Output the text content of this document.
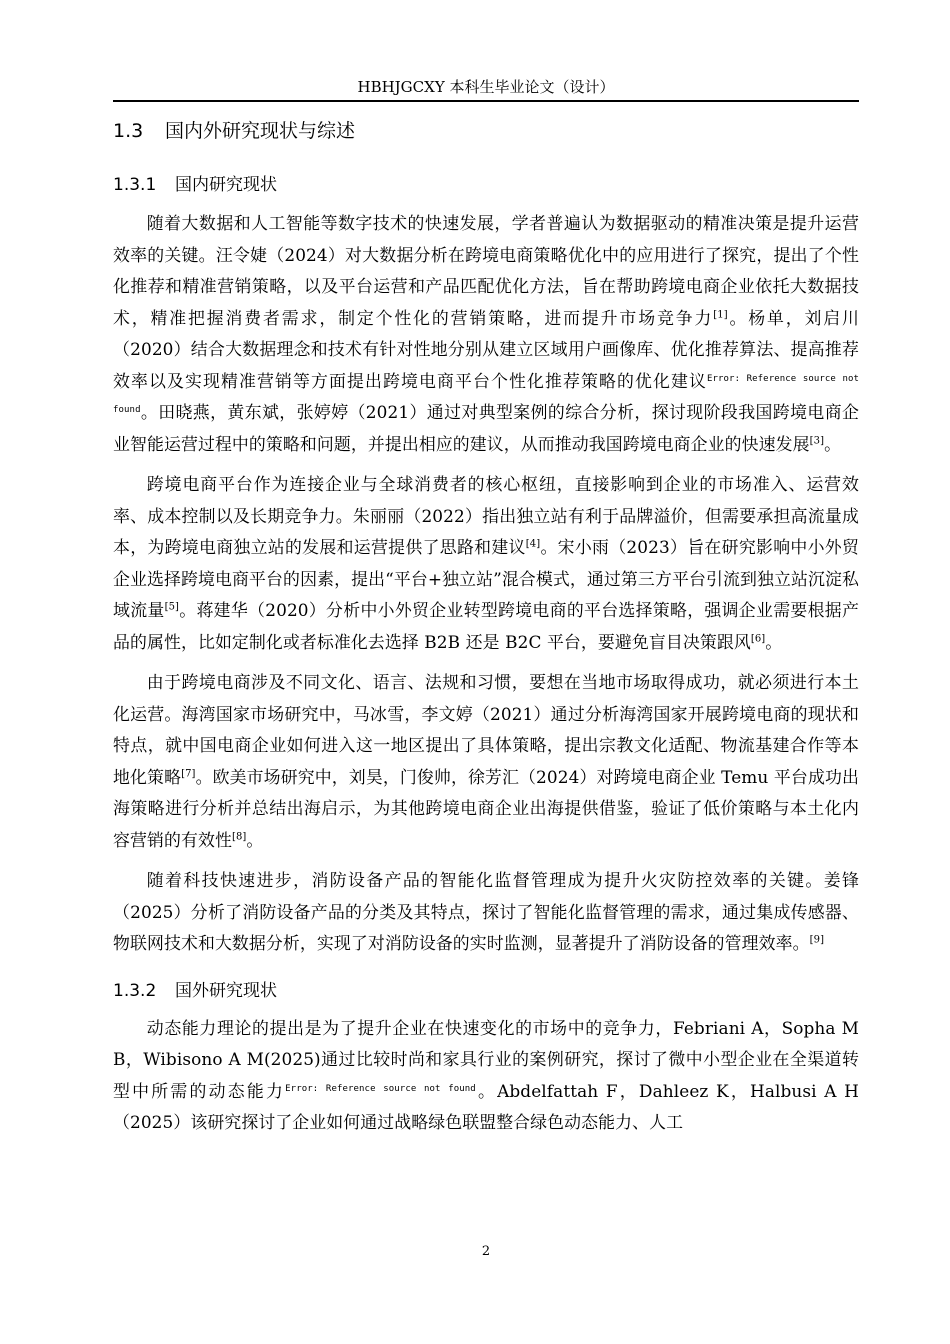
HBHJGCXY 本科生毕业论文（设计）
1.3 国内外研究现状与综述
1.3.1 国内研究现状

随着大数据和人工智能等数字技术的快速发展，学者普遍认为数据驱动的精准决策是提升运营效率的关键。汪令婕（2024）对大数据分析在跨境电商策略优化中的应用进行了探究，提出了个性化推荐和精准营销策略，以及平台运营和产品匹配优化方法，旨在帮助跨境电商企业依托大数据技术，精准把握消费者需求，制定个性化的营销策略，进而提升市场竞争力[1]。杨单，刘启川（2020）结合大数据理念和技术有针对性地分别从建立区域用户画像库、优化推荐算法、提高推荐效率以及实现精准营销等方面提出跨境电商平台个性化推荐策略的优化建议$^{Error: Reference source not found}$。田晓燕，黄东斌，张婷婷（2021）通过对典型案例的综合分析，探讨现阶段我国跨境电商企业智能运营过程中的策略和问题，并提出相应的建议，从而推动我国跨境电商企业的快速发展[3]。

跨境电商平台作为连接企业与全球消费者的核心枢纽，直接影响到企业的市场准入、运营效率、成本控制以及长期竞争力。朱丽丽（2022）指出独立站有利于品牌溢价，但需要承担高流量成本，为跨境电商独立站的发展和运营提供了思路和建议[4]。宋小雨（2023）旨在研究影响中小外贸企业选择跨境电商平台的因素，提出“平台+独立站”混合模式，通过第三方平台引流到独立站沉淀私域流量[5]。蒋建华（2020）分析中小外贸企业转型跨境电商的平台选择策略，强调企业需要根据产品的属性，比如定制化或者标准化去选择 B2B 还是 B2C 平台，要避免盲目决策跟风[6]。

由于跨境电商涉及不同文化、语言、法规和习惯，要想在当地市场取得成功，就必须进行本土化运营。海湾国家市场研究中，马冰雪，李文婷（2021）通过分析海湾国家开展跨境电商的现状和特点，就中国电商企业如何进入这一地区提出了具体策略，提出宗教文化适配、物流基建合作等本地化策略[7]。欧美市场研究中，刘昊，门俊帅，徐芳汇（2024）对跨境电商企业 Temu 平台成功出海策略进行分析并总结出海启示，为其他跨境电商企业出海提供借鉴，验证了低价策略与本土化内容营销的有效性[8]。

随着科技快速进步，消防设备产品的智能化监督管理成为提升火灾防控效率的关键。姜锋（2025）分析了消防设备产品的分类及其特点，探讨了智能化监督管理的需求，通过集成传感器、物联网技术和大数据分析，实现了对消防设备的实时监测，显著提升了消防设备的管理效率。[9]

1.3.2 国外研究现状

动态能力理论的提出是为了提升企业在快速变化的市场中的竞争力，Febriani A，Sopha M B，Wibisono A M(2025)通过比较时尚和家具行业的案例研究，探讨了微中小型企业在全渠道转型中所需的动态能力$^{Error: Reference source not found}$。Abdelfattah F，Dahleez K，Halbusi A H（2025）该研究探讨了企业如何通过战略绿色联盟整合绿色动态能力、人工

2
